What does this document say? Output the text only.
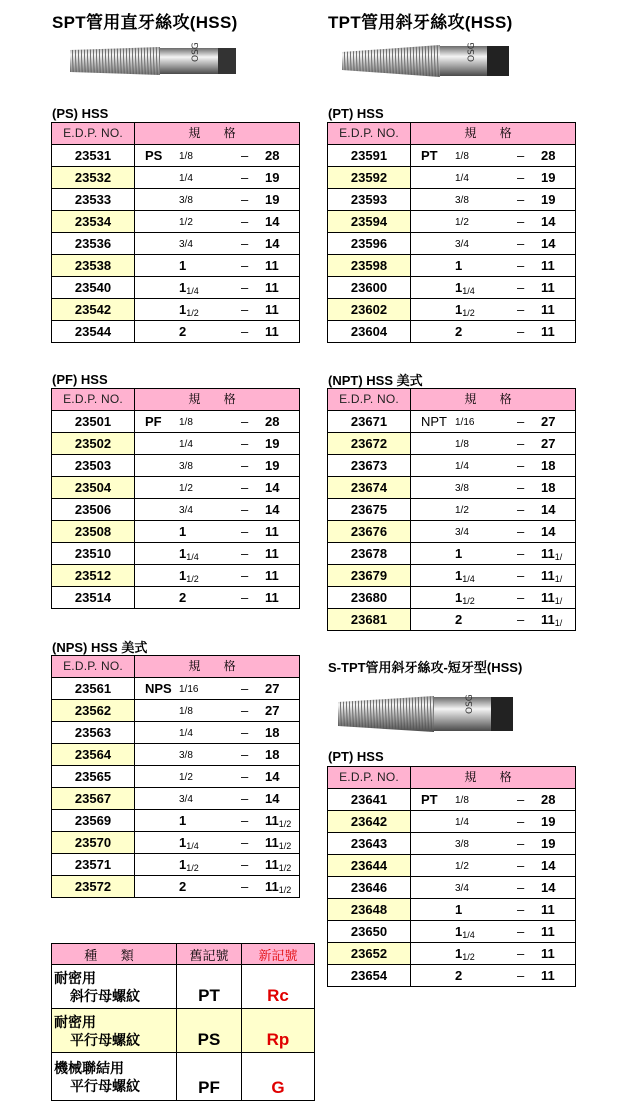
SPT管用直牙絲攻(HSS)	TPT管用斜牙絲攻(HSS)
OSG	OSG
(PS) HSS
E.D.P. NO.	規 格
23531	PS 1/8 – 28

23532	1/4 – 19

23533	3/8 – 19

23534	1/2 – 14

23536	3/4 – 14

23538	1 – 11

23540	$1_{1/4} - 11$

23542	$1_{1/2} - 11$

23544	2 – 11
(PT) HSS
E.D.P. NO.	規 格
23591	PT 1/8 – 28

23592	1/4 – 19

23593	3/8 – 19

23594	1/2 – 14

23596	3/4 – 14

23598	1 – 11

23600	$1_{1/4} - 11$

23602	$1_{1/2} - 11$

23604	2 – 11
(PF) HSS
E.D.P. NO.	規 格
23501	PF 1/8 – 28

23502	1/4 – 19

23503	3/8 – 19

23504	1/2 – 14

23506	3/4 – 14

23508	1 – 11

23510	$1_{1/4} - 11$

23512	$1_{1/2} - 11$

23514	2 – 11
(NPT) HSS 美式
E.D.P. NO.	規 格
23671	NPT 1/16 – 27

23672	1/8 – 27

23673	1/4 – 18

23674	3/8 – 18

23675	1/2 – 14

23676	3/4 – 14

23678	$1 - 11_{1/}$

23679	$1_{1/4} - 11_{1/}$

23680	$1_{1/2} - 11_{1/}$

23681	$2 - 11_{1/}$
(NPS) HSS 美式
E.D.P. NO.	規 格
23561	NPS 1/16 – 27

23562	1/8 – 27

23563	1/4 – 18

23564	3/8 – 18

23565	1/2 – 14

23567	3/4 – 14

23569	$1 - 11_{1/2}$

23570	$1_{1/4} - 11_{1/2}$

23571	$1_{1/2} - 11_{1/2}$

23572	$2 - 11_{1/2}$
S-TPT管用斜牙絲攻-短牙型(HSS)
OSG
(PT) HSS
E.D.P. NO.	規 格
23641	PT 1/8 – 28

23642	1/4 – 19

23643	3/8 – 19

23644	1/2 – 14

23646	3/4 – 14

23648	1 – 11

23650	$1_{1/4} - 11$

23652	$1_{1/2} - 11$

23654	2 – 11
種 類	舊記號	新記號

耐密用
斜行母螺紋	PT	Rc

耐密用
平行母螺紋	PS	Rp

機械聯結用
平行母螺紋	PF	G
